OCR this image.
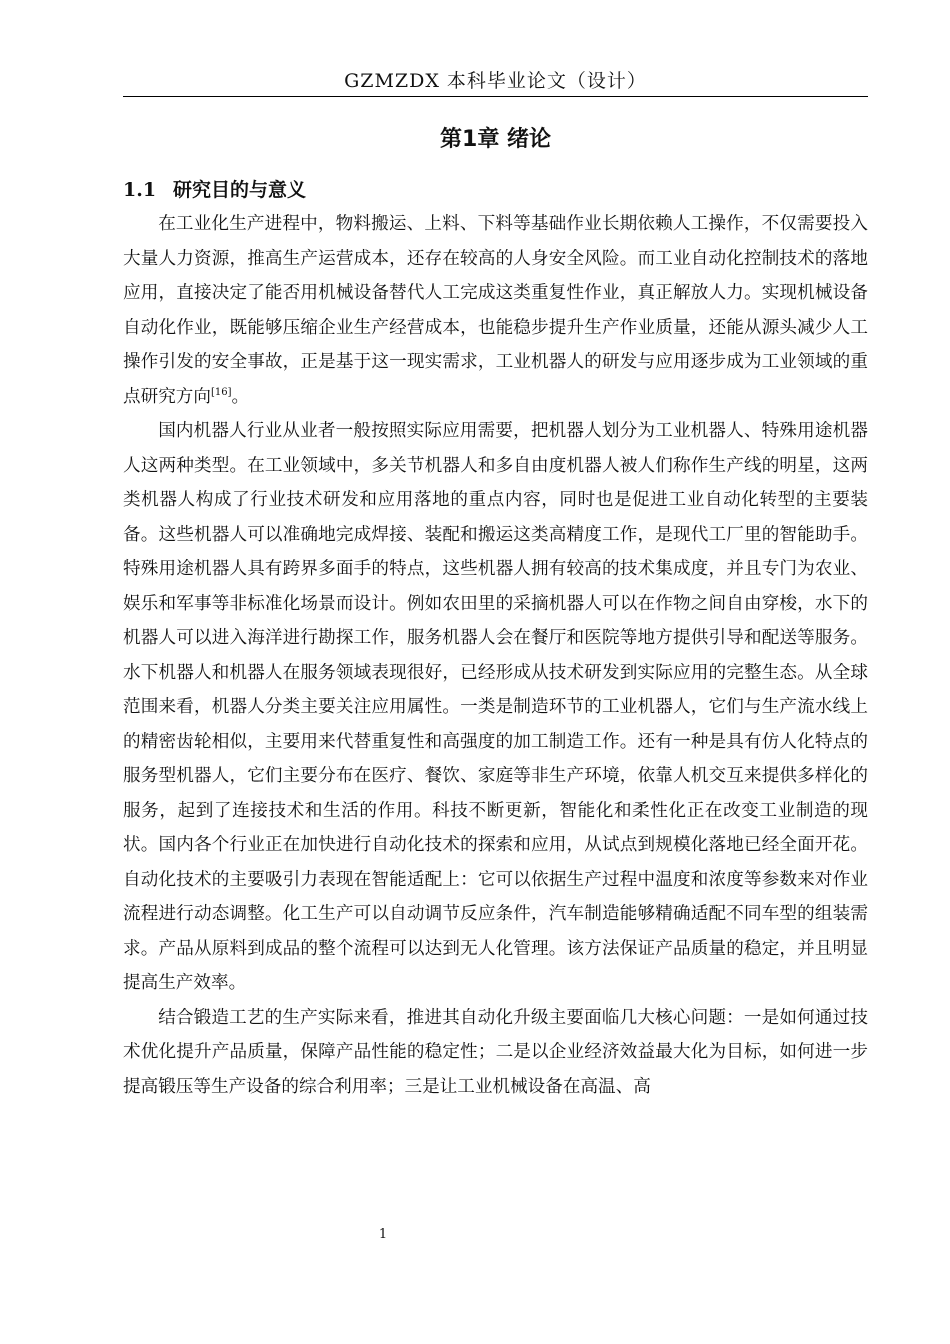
GZMZDX 本科毕业论文（设计）
第1章 绪论
1.1 研究目的与意义

在工业化生产进程中，物料搬运、上料、下料等基础作业长期依赖人工操作，不仅需要投入大量人力资源，推高生产运营成本，还存在较高的人身安全风险。而工业自动化控制技术的落地应用，直接决定了能否用机械设备替代人工完成这类重复性作业，真正解放人力。实现机械设备自动化作业，既能够压缩企业生产经营成本，也能稳步提升生产作业质量，还能从源头减少人工操作引发的安全事故，正是基于这一现实需求，工业机器人的研发与应用逐步成为工业领域的重点研究方向[16]。

国内机器人行业从业者一般按照实际应用需要，把机器人划分为工业机器人、特殊用途机器人这两种类型。在工业领域中，多关节机器人和多自由度机器人被人们称作生产线的明星，这两类机器人构成了行业技术研发和应用落地的重点内容，同时也是促进工业自动化转型的主要装备。这些机器人可以准确地完成焊接、装配和搬运这类高精度工作，是现代工厂里的智能助手。特殊用途机器人具有跨界多面手的特点，这些机器人拥有较高的技术集成度，并且专门为农业、娱乐和军事等非标准化场景而设计。例如农田里的采摘机器人可以在作物之间自由穿梭，水下的机器人可以进入海洋进行勘探工作，服务机器人会在餐厅和医院等地方提供引导和配送等服务。水下机器人和机器人在服务领域表现很好，已经形成从技术研发到实际应用的完整生态。从全球范围来看，机器人分类主要关注应用属性。一类是制造环节的工业机器人，它们与生产流水线上的精密齿轮相似，主要用来代替重复性和高强度的加工制造工作。还有一种是具有仿人化特点的服务型机器人，它们主要分布在医疗、餐饮、家庭等非生产环境，依靠人机交互来提供多样化的服务，起到了连接技术和生活的作用。科技不断更新，智能化和柔性化正在改变工业制造的现状。国内各个行业正在加快进行自动化技术的探索和应用，从试点到规模化落地已经全面开花。自动化技术的主要吸引力表现在智能适配上：它可以依据生产过程中温度和浓度等参数来对作业流程进行动态调整。化工生产可以自动调节反应条件，汽车制造能够精确适配不同车型的组装需求。产品从原料到成品的整个流程可以达到无人化管理。该方法保证产品质量的稳定，并且明显提高生产效率。

结合锻造工艺的生产实际来看，推进其自动化升级主要面临几大核心问题：一是如何通过技术优化提升产品质量，保障产品性能的稳定性；二是以企业经济效益最大化为目标，如何进一步提高锻压等生产设备的综合利用率；三是让工业机械设备在高温、高

1
